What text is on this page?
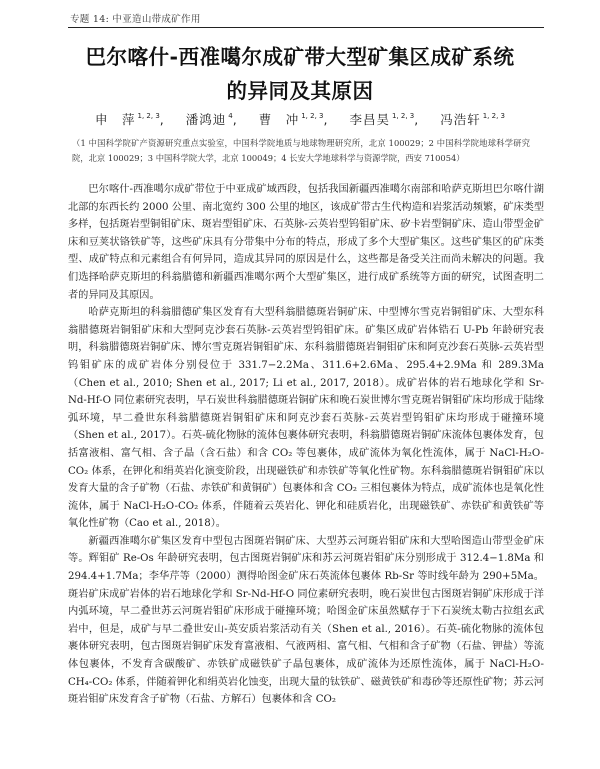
专题 14: 中亚造山带成矿作用
巴尔喀什-西准噶尔成矿带大型矿集区成矿系统
的异同及其原因
申　萍 $^{1, 2, 3}$, 潘鸿迪 $^4$, 曹　冲 $^{1, 2, 3}$, 李昌昊 $^{1, 2, 3}$, 冯浩轩 $^{1, 2, 3}$
（1 中国科学院矿产资源研究重点实验室，中国科学院地质与地球物理研究所，北京 100029；2 中国科学院地球科学研究院，北京 100029；3 中国科学院大学，北京 100049；4 长安大学地球科学与资源学院，西安 710054）

巴尔喀什-西准噶尔成矿带位于中亚成矿域西段，包括我国新疆西准噶尔南部和哈萨克斯坦巴尔喀什湖北部的东西长约 2000 公里、南北宽约 300 公里的地区，该成矿带古生代构造和岩浆活动频繁，矿床类型多样，包括斑岩型铜钼矿床、斑岩型钼矿床、石英脉-云英岩型钨钼矿床、矽卡岩型铜矿床、造山带型金矿床和豆荚状铬铁矿等，这些矿床具有分带集中分布的特点，形成了多个大型矿集区。这些矿集区的矿床类型、成矿特点和元素组合有何异同，造成其异同的原因是什么，这些都是备受关注而尚未解决的问题。我们选择哈萨克斯坦的科翁腊德和新疆西准噶尔两个大型矿集区，进行成矿系统等方面的研究，试图查明二者的异同及其原因。

哈萨克斯坦的科翁腊德矿集区发育有大型科翁腊德斑岩铜矿床、中型博尔雪克岩铜钼矿床、大型东科翁腊德斑岩铜钼矿床和大型阿克沙套石英脉-云英岩型钨钼矿床。矿集区成矿岩体锆石 U-Pb 年龄研究表明，科翁腊德斑岩铜矿床、博尔雪克斑岩铜钼矿床、东科翁腊德斑岩铜钼矿床和阿克沙套石英脉-云英岩型钨钼矿床的成矿岩体分别侵位于 331.7−2.2Ma、311.6+2.6Ma、295.4+2.9Ma 和 289.3Ma（Chen et al., 2010; Shen et al., 2017; Li et al., 2017, 2018）。成矿岩体的岩石地球化学和 Sr-Nd-Hf-O 同位素研究表明，早石炭世科翁腊德斑岩铜矿床和晚石炭世博尔雪克斑岩铜钼矿床均形成于陆缘弧环境，早二叠世东科翁腊德斑岩铜钼矿床和阿克沙套石英脉-云英岩型钨钼矿床均形成于碰撞环境（Shen et al., 2017）。石英-硫化物脉的流体包裹体研究表明，科翁腊德斑岩铜矿床流体包裹体发育，包括富液相、富气相、含子晶（含石盐）和含 CO₂ 等包裹体，成矿流体为氧化性流体，属于 NaCl-H₂O-CO₂ 体系，在钾化和绢英岩化演变阶段，出现磁铁矿和赤铁矿等氧化性矿物。东科翁腊德斑岩铜钼矿床以发育大量的含子矿物（石盐、赤铁矿和黄铜矿）包裹体和含 CO₂ 三相包裹体为特点，成矿流体也是氧化性流体，属于 NaCl-H₂O-CO₂ 体系，伴随着云英岩化、钾化和硅质岩化，出现磁铁矿、赤铁矿和黄铁矿等氧化性矿物（Cao et al., 2018）。

新疆西准噶尔矿集区发育中型包古图斑岩铜矿床、大型苏云河斑岩钼矿床和大型哈图造山带型金矿床等。辉钼矿 Re-Os 年龄研究表明，包古图斑岩铜矿床和苏云河斑岩钼矿床分别形成于 312.4−1.8Ma 和 294.4+1.7Ma；李华芹等（2000）测得哈图金矿床石英流体包裹体 Rb-Sr 等时线年龄为 290+5Ma。斑岩矿床成矿岩体的岩石地球化学和 Sr-Nd-Hf-O 同位素研究表明，晚石炭世包古图斑岩铜矿床形成于洋内弧环境，早二叠世苏云河斑岩钼矿床形成于碰撞环境；哈图金矿床虽然赋存于下石炭统太勒古拉组玄武岩中，但是，成矿与早二叠世安山-英安质岩浆活动有关（Shen et al., 2016）。石英-硫化物脉的流体包裹体研究表明，包古图斑岩铜矿床发育富液相、气液两相、富气相、气相和含子矿物（石盐、钾盐）等流体包裹体，不发育含碳酸矿、赤铁矿成磁铁矿子晶包裹体，成矿流体为还原性流体，属于 NaCl-H₂O-CH₄-CO₂ 体系，伴随着钾化和绢英岩化蚀变，出现大量的钛铁矿、磁黄铁矿和毒砂等还原性矿物；苏云河斑岩钼矿床发育含子矿物（石盐、方解石）包裹体和含 CO₂
